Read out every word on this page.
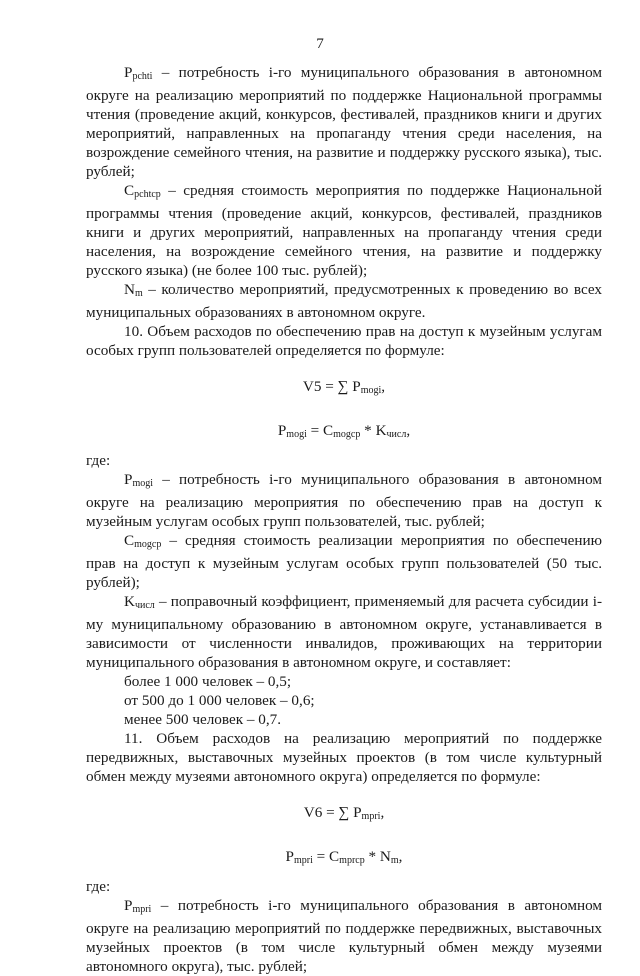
7

$P_{pchti}$ – потребность i-го муниципального образования в автономном округе на реализацию мероприятий по поддержке Национальной программы чтения (проведение акций, конкурсов, фестивалей, праздников книги и других мероприятий, направленных на пропаганду чтения среди населения, на возрождение семейного чтения, на развитие и поддержку русского языка), тыс. рублей;

$C_{pchtcp}$ – средняя стоимость мероприятия по поддержке Национальной программы чтения (проведение акций, конкурсов, фестивалей, праздников книги и других мероприятий, направленных на пропаганду чтения среди населения, на возрождение семейного чтения, на развитие и поддержку русского языка) (не более 100 тыс. рублей);

$N_m$ – количество мероприятий, предусмотренных к проведению во всех муниципальных образованиях в автономном округе.

10. Объем расходов по обеспечению прав на доступ к музейным услугам особых групп пользователей определяется по формуле:

V5 = ∑ $P_{mogi}$,

$P_{mogi} = C_{mogcp} * K_{числ}$,

где:

$P_{mogi}$ – потребность i-го муниципального образования в автономном округе на реализацию мероприятия по обеспечению прав на доступ к музейным услугам особых групп пользователей, тыс. рублей;

$C_{mogcp}$ – средняя стоимость реализации мероприятия по обеспечению прав на доступ к музейным услугам особых групп пользователей (50 тыс. рублей);

$K_{числ}$ – поправочный коэффициент, применяемый для расчета субсидии i-му муниципальному образованию в автономном округе, устанавливается в зависимости от численности инвалидов, проживающих на территории муниципального образования в автономном округе, и составляет:

более 1 000 человек – 0,5;

от 500 до 1 000 человек – 0,6;

менее 500 человек – 0,7.

11. Объем расходов на реализацию мероприятий по поддержке передвижных, выставочных музейных проектов (в том числе культурный обмен между музеями автономного округа) определяется по формуле:

V6 = ∑ $P_{mpri}$,

$P_{mpri} = C_{mprcp} * N_m$,

где:

$P_{mpri}$ – потребность i-го муниципального образования в автономном округе на реализацию мероприятий по поддержке передвижных, выставочных музейных проектов (в том числе культурный обмен между музеями автономного округа), тыс. рублей;
